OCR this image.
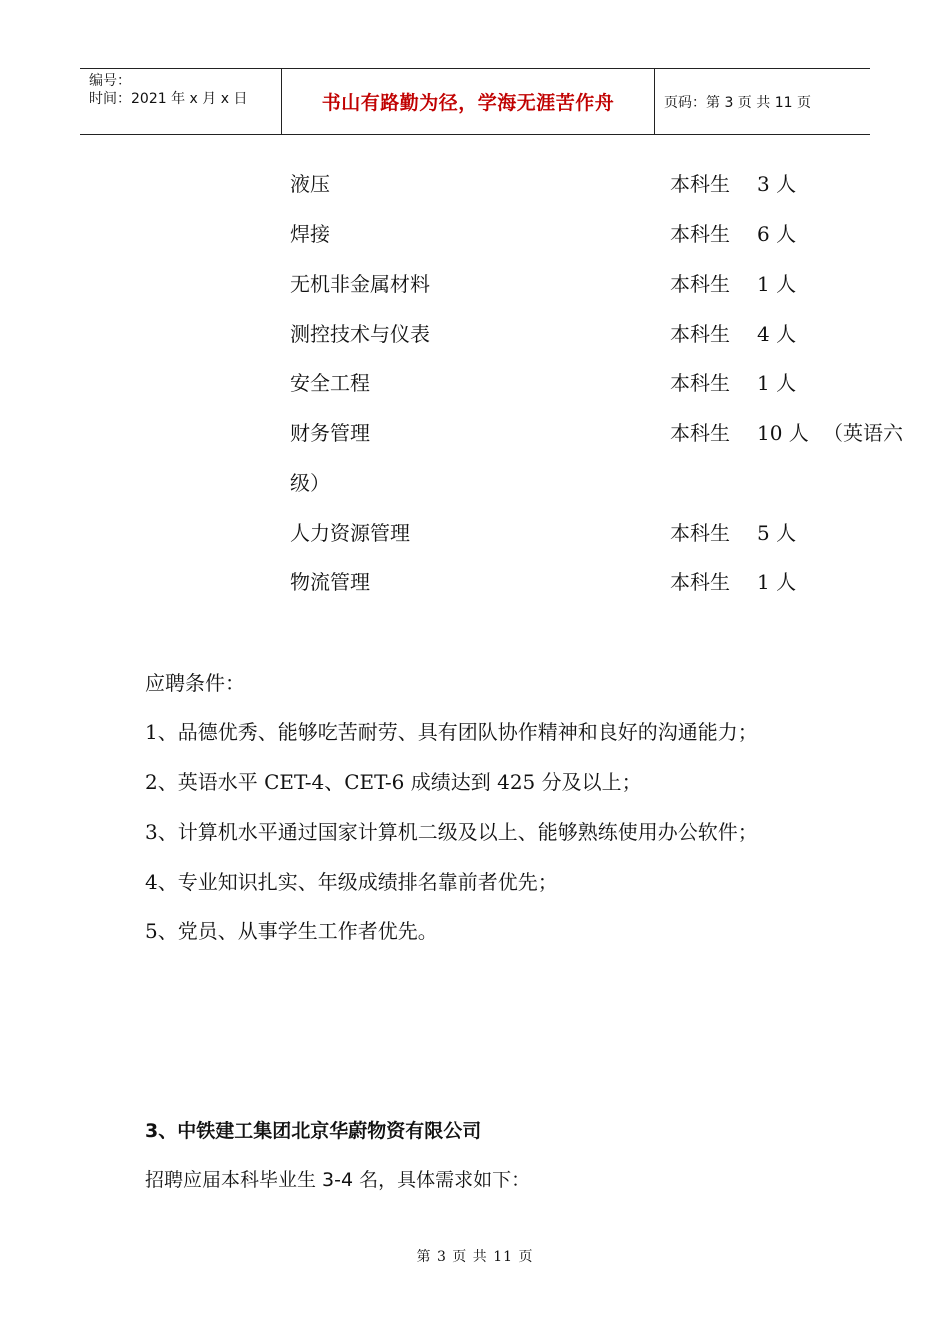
编号：
时间：2021 年 x 月 x 日	书山有路勤为径，学海无涯苦作舟	页码：第 3 页 共 11 页
液压	本科生 3 人
焊接	本科生 6 人
无机非金属材料	本科生 1 人
测控技术与仪表	本科生 4 人
安全工程	本科生 1 人
财务管理	本科生 10 人 （英语六
级）
人力资源管理	本科生 5 人
物流管理	本科生 1 人
应聘条件：
1、品德优秀、能够吃苦耐劳、具有团队协作精神和良好的沟通能力；
2、英语水平 CET-4、CET-6 成绩达到 425 分及以上；
3、计算机水平通过国家计算机二级及以上、能够熟练使用办公软件；
4、专业知识扎实、年级成绩排名靠前者优先；
5、党员、从事学生工作者优先。
3、中铁建工集团北京华蔚物资有限公司
招聘应届本科毕业生 3-4 名，具体需求如下：
第 3 页 共 11 页
